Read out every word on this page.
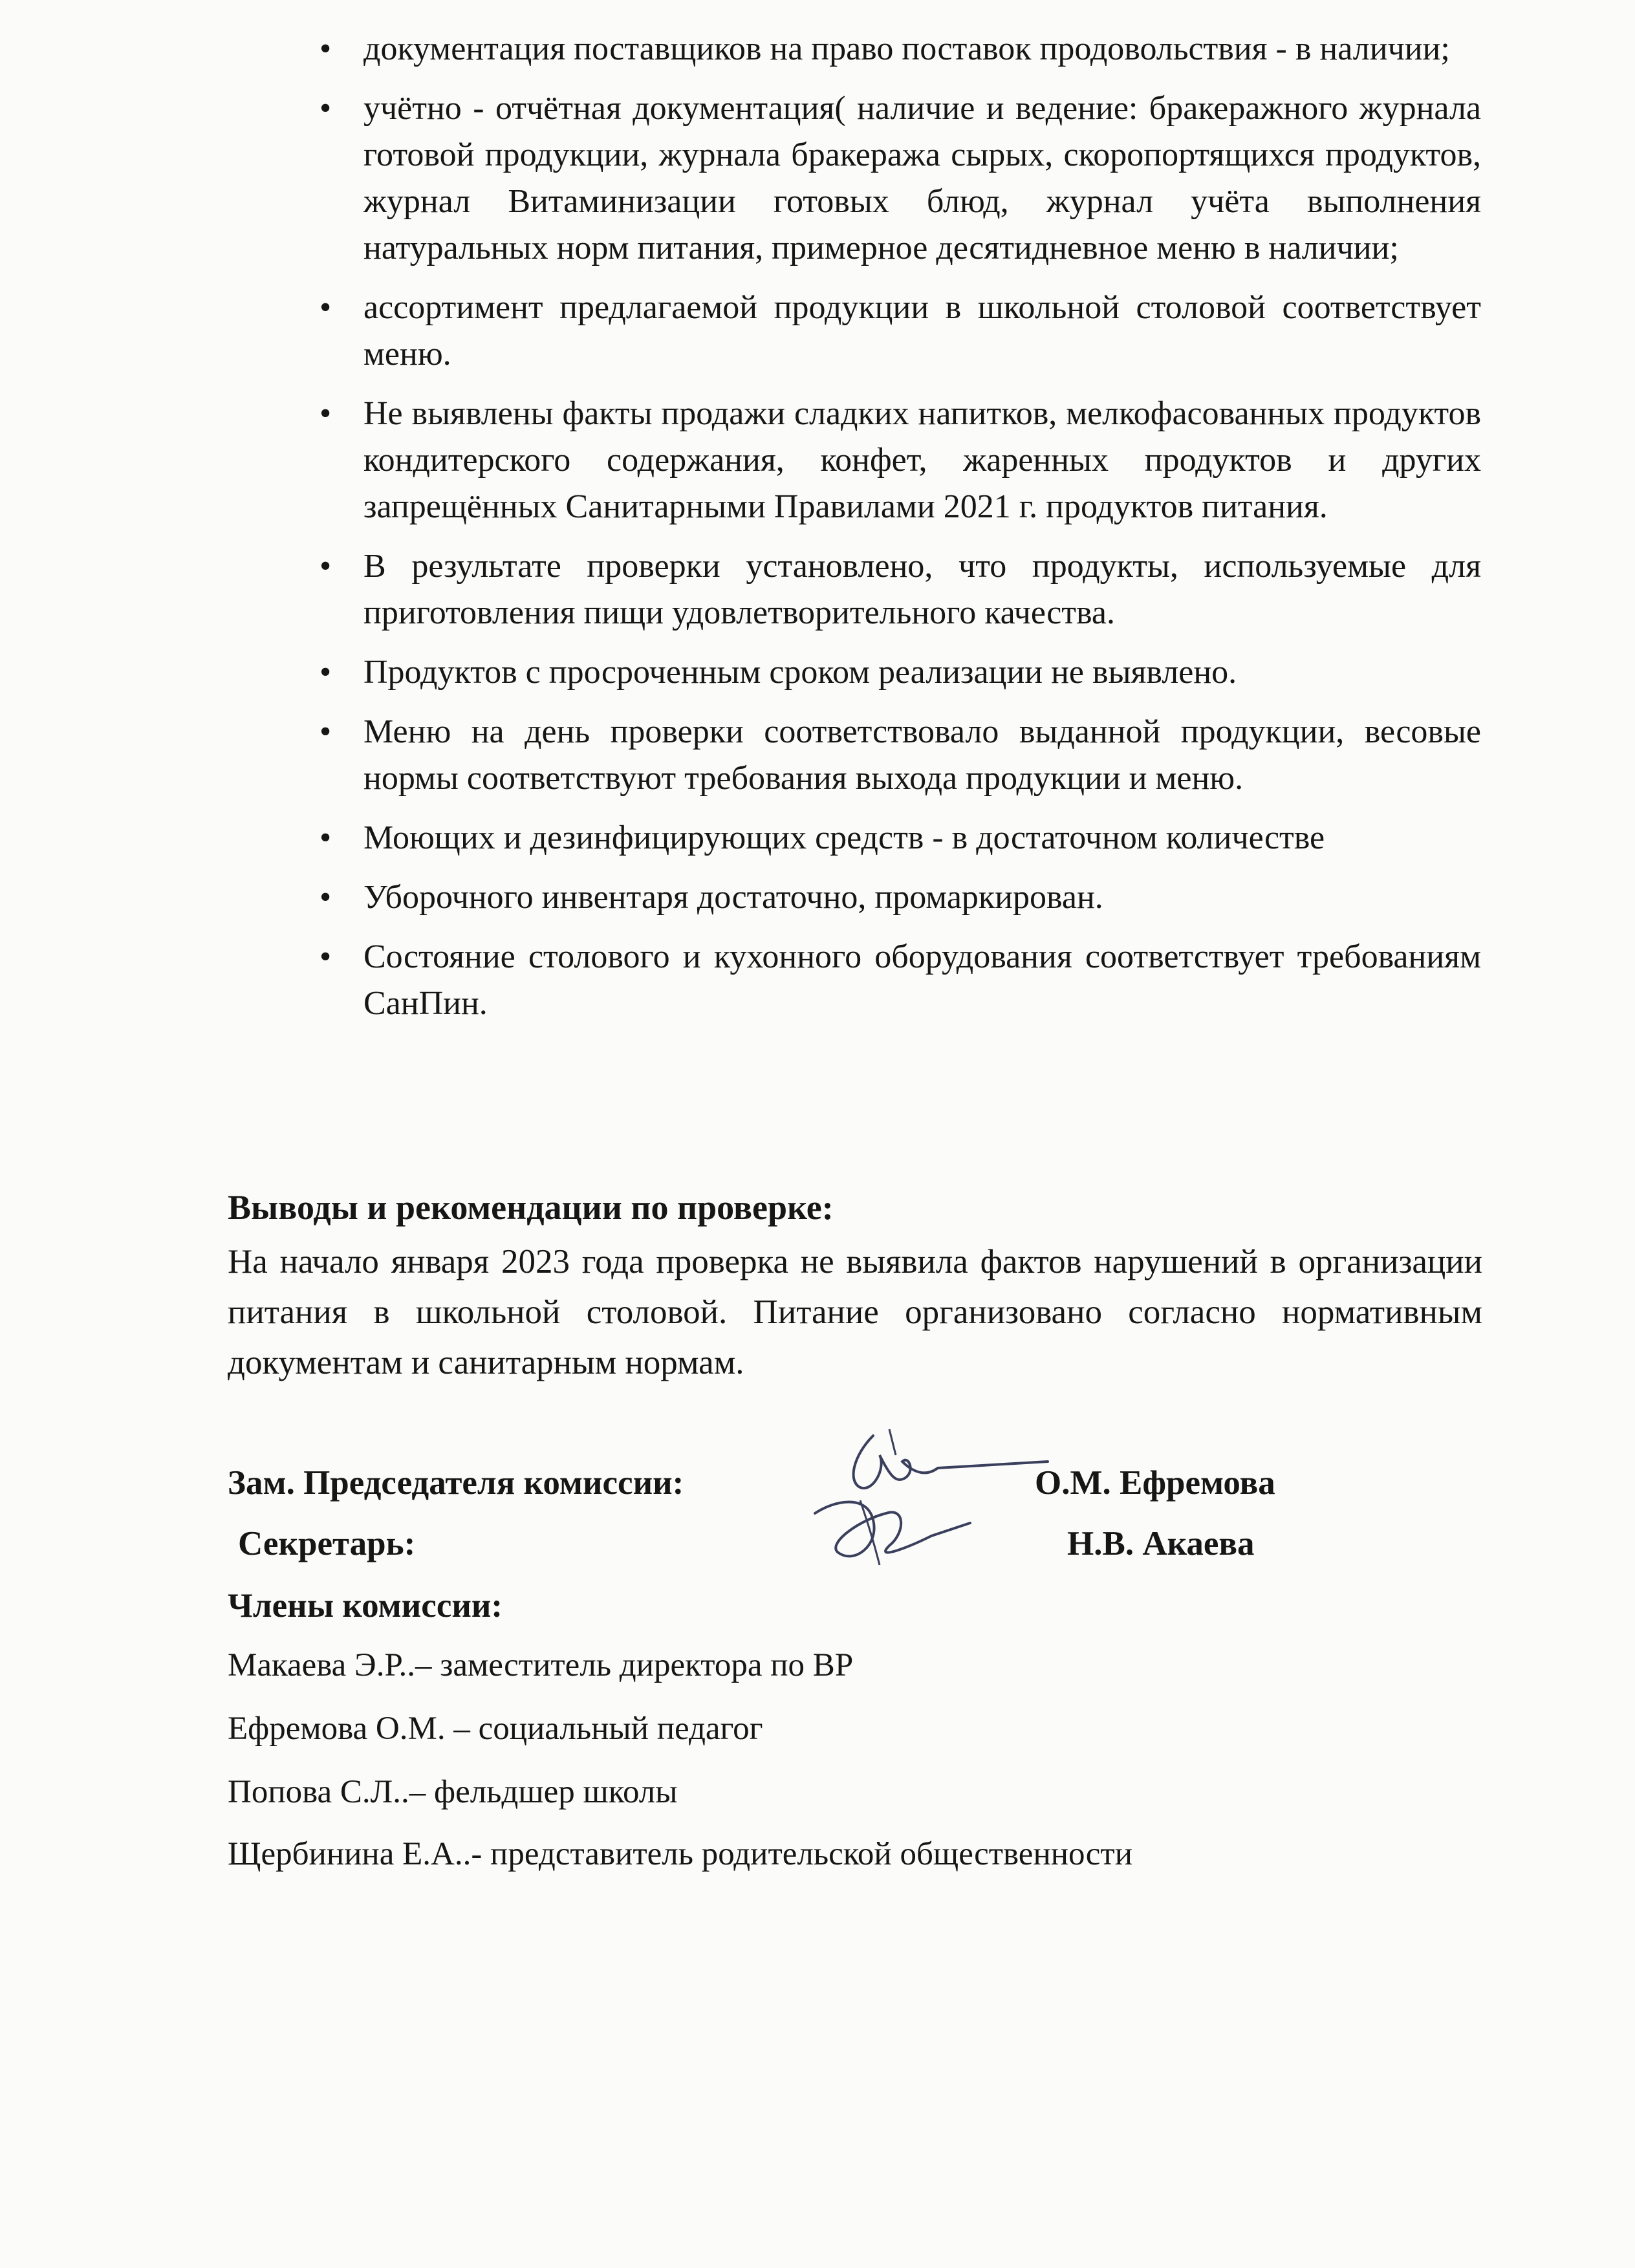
• документация поставщиков на право поставок продовольствия - в наличии;
• учётно - отчётная документация( наличие и ведение: бракеражного журнала готовой продукции, журнала бракеража сырых, скоропортящихся продуктов, журнал Витаминизации готовых блюд, журнал учёта выполнения натуральных норм питания, примерное десятидневное меню в наличии;
• ассортимент предлагаемой продукции в школьной столовой соответствует меню.
• Не выявлены факты продажи сладких напитков, мелкофасованных продуктов кондитерского содержания, конфет, жаренных продуктов и других запрещённых Санитарными Правилами 2021 г. продуктов питания.
• В результате проверки установлено, что продукты, используемые для приготовления пищи удовлетворительного качества.
• Продуктов с просроченным сроком реализации не выявлено.
• Меню на день проверки соответствовало выданной продукции, весовые нормы соответствуют требования выхода продукции и меню.
• Моющих и дезинфицирующих средств - в достаточном количестве
• Уборочного инвентаря достаточно, промаркирован.
• Состояние столового и кухонного оборудования соответствует требованиям СанПин.

Выводы и рекомендации по проверке:

На начало января 2023 года проверка не выявила фактов нарушений в организации питания в школьной столовой. Питание организовано согласно нормативным документам и санитарным нормам.

Зам. Председателя комиссии:	О.М. Ефремова
Секретарь:	Н.В. Акаева

Члены комиссии:

Макаева Э.Р..– заместитель директора по ВР
Ефремова О.М. – социальный педагог
Попова С.Л..– фельдшер школы
Щербинина Е.А..- представитель родительской общественности
